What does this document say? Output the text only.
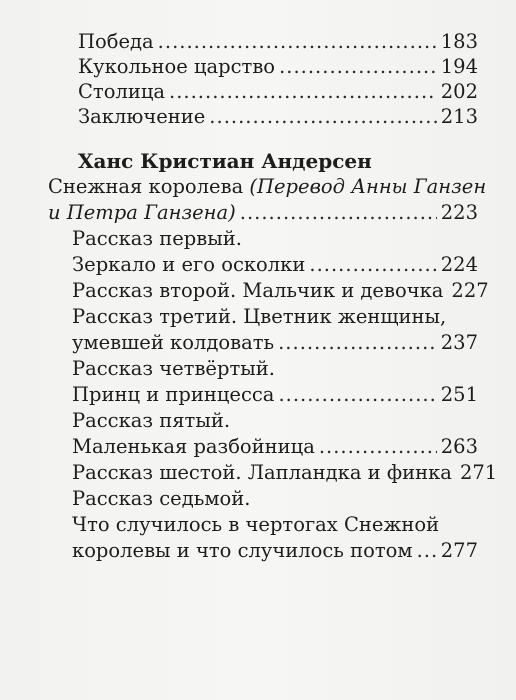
Победа .....	183
Кукольное царство .....	194
Столица .....	202
Заключение .....	213
Ханс Кристиан Андерсен
Снежная королева (Перевод Анны Ганзен
и Петра Ганзена) .....	223
Рассказ первый.
Зеркало и его осколки .....	224
Рассказ второй. Мальчик и девочка 227
Рассказ третий. Цветник женщины,
умевшей колдовать .....	237
Рассказ четвёртый.
Принц и принцесса .....	251
Рассказ пятый.
Маленькая разбойница .....	263
Рассказ шестой. Лапландка и финка 271
Рассказ седьмой.
Что случилось в чертогах Снежной
королевы и что случилось потом ..... 277
